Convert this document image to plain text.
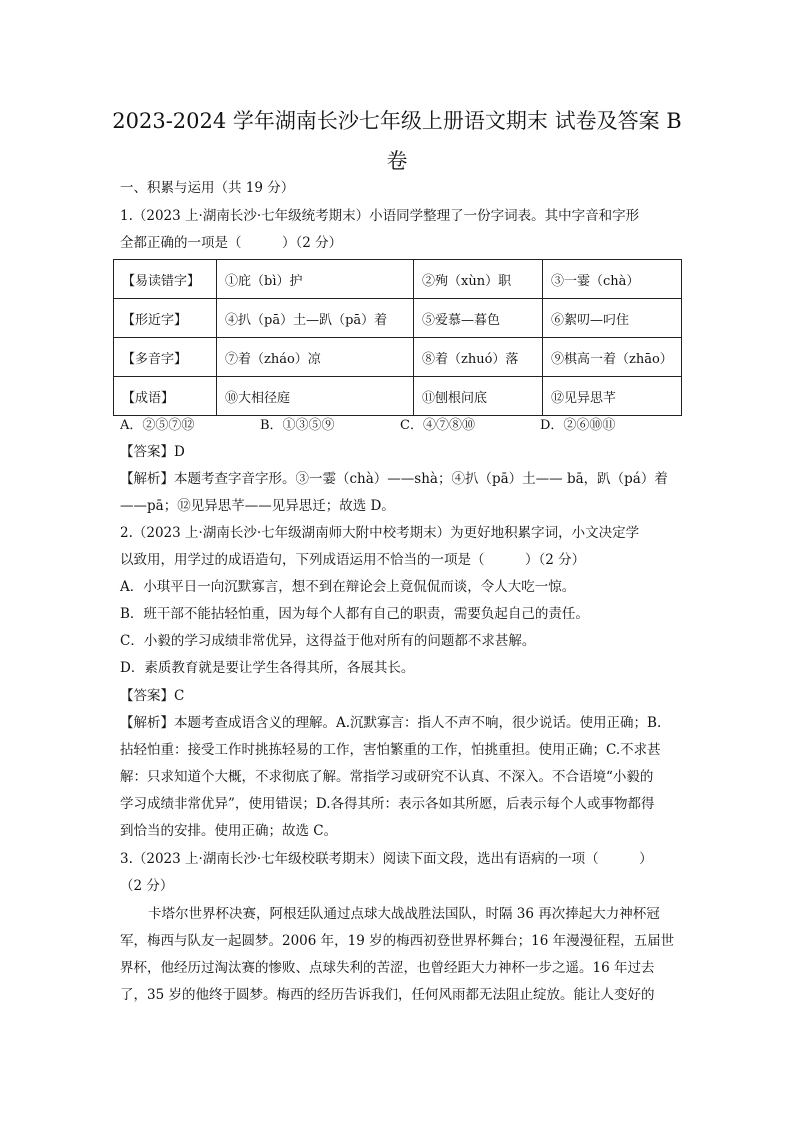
2023-2024 学年湖南长沙七年级上册语文期末 试卷及答案 B
卷
一、积累与运用（共 19 分）
1.（2023 上·湖南长沙·七年级统考期末）小语同学整理了一份字词表。其中字音和字形
全都正确的一项是（　　　）（2 分）
【易读错字】	①庇（bì）护	②殉（xùn）职	③一霎（chà）
【形近字】	④扒（pā）土—趴（pā）着	⑤爱慕—暮色	⑥絮叨—叼住
【多音字】	⑦着（zháo）凉	⑧着（zhuó）落	⑨棋高一着（zhāo）
【成语】	⑩大相径庭	⑪刨根问底	⑫见异思芊
A．②⑤⑦⑫	B．①③⑤⑨	C．④⑦⑧⑩	D．②⑥⑩⑪
【答案】D
【解析】本题考查字音字形。③一霎（chà）——shà；④扒（pā）土—— bā，趴（pá）着
——pā；⑫见异思芊——见异思迁；故选 D。
2.（2023 上·湖南长沙·七年级湖南师大附中校考期末）为更好地积累字词，小文决定学
以致用，用学过的成语造句，下列成语运用不恰当的一项是（　　　）（2 分）
A．小琪平日一向沉默寡言，想不到在辩论会上竟侃侃而谈，令人大吃一惊。
B．班干部不能拈轻怕重，因为每个人都有自己的职责，需要负起自己的责任。
C．小毅的学习成绩非常优异，这得益于他对所有的问题都不求甚解。
D．素质教育就是要让学生各得其所，各展其长。
【答案】C
【解析】本题考查成语含义的理解。A.沉默寡言：指人不声不响，很少说话。使用正确；B.
拈轻怕重：接受工作时挑拣轻易的工作，害怕繁重的工作，怕挑重担。使用正确；C.不求甚
解：只求知道个大概，不求彻底了解。常指学习或研究不认真、不深入。不合语境“小毅的
学习成绩非常优异”，使用错误；D.各得其所：表示各如其所愿，后表示每个人或事物都得
到恰当的安排。使用正确；故选 C。
3.（2023 上·湖南长沙·七年级校联考期末）阅读下面文段，选出有语病的一项（　　　）
（2 分）
卡塔尔世界杯决赛，阿根廷队通过点球大战战胜法国队，时隔 36 再次捧起大力神杯冠
军，梅西与队友一起圆梦。2006 年，19 岁的梅西初登世界杯舞台；16 年漫漫征程，五届世
界杯，他经历过淘汰赛的惨败、点球失利的苦涩，也曾经距大力神杯一步之遥。16 年过去
了，35 岁的他终于圆梦。梅西的经历告诉我们，任何风雨都无法阻止绽放。能让人变好的
